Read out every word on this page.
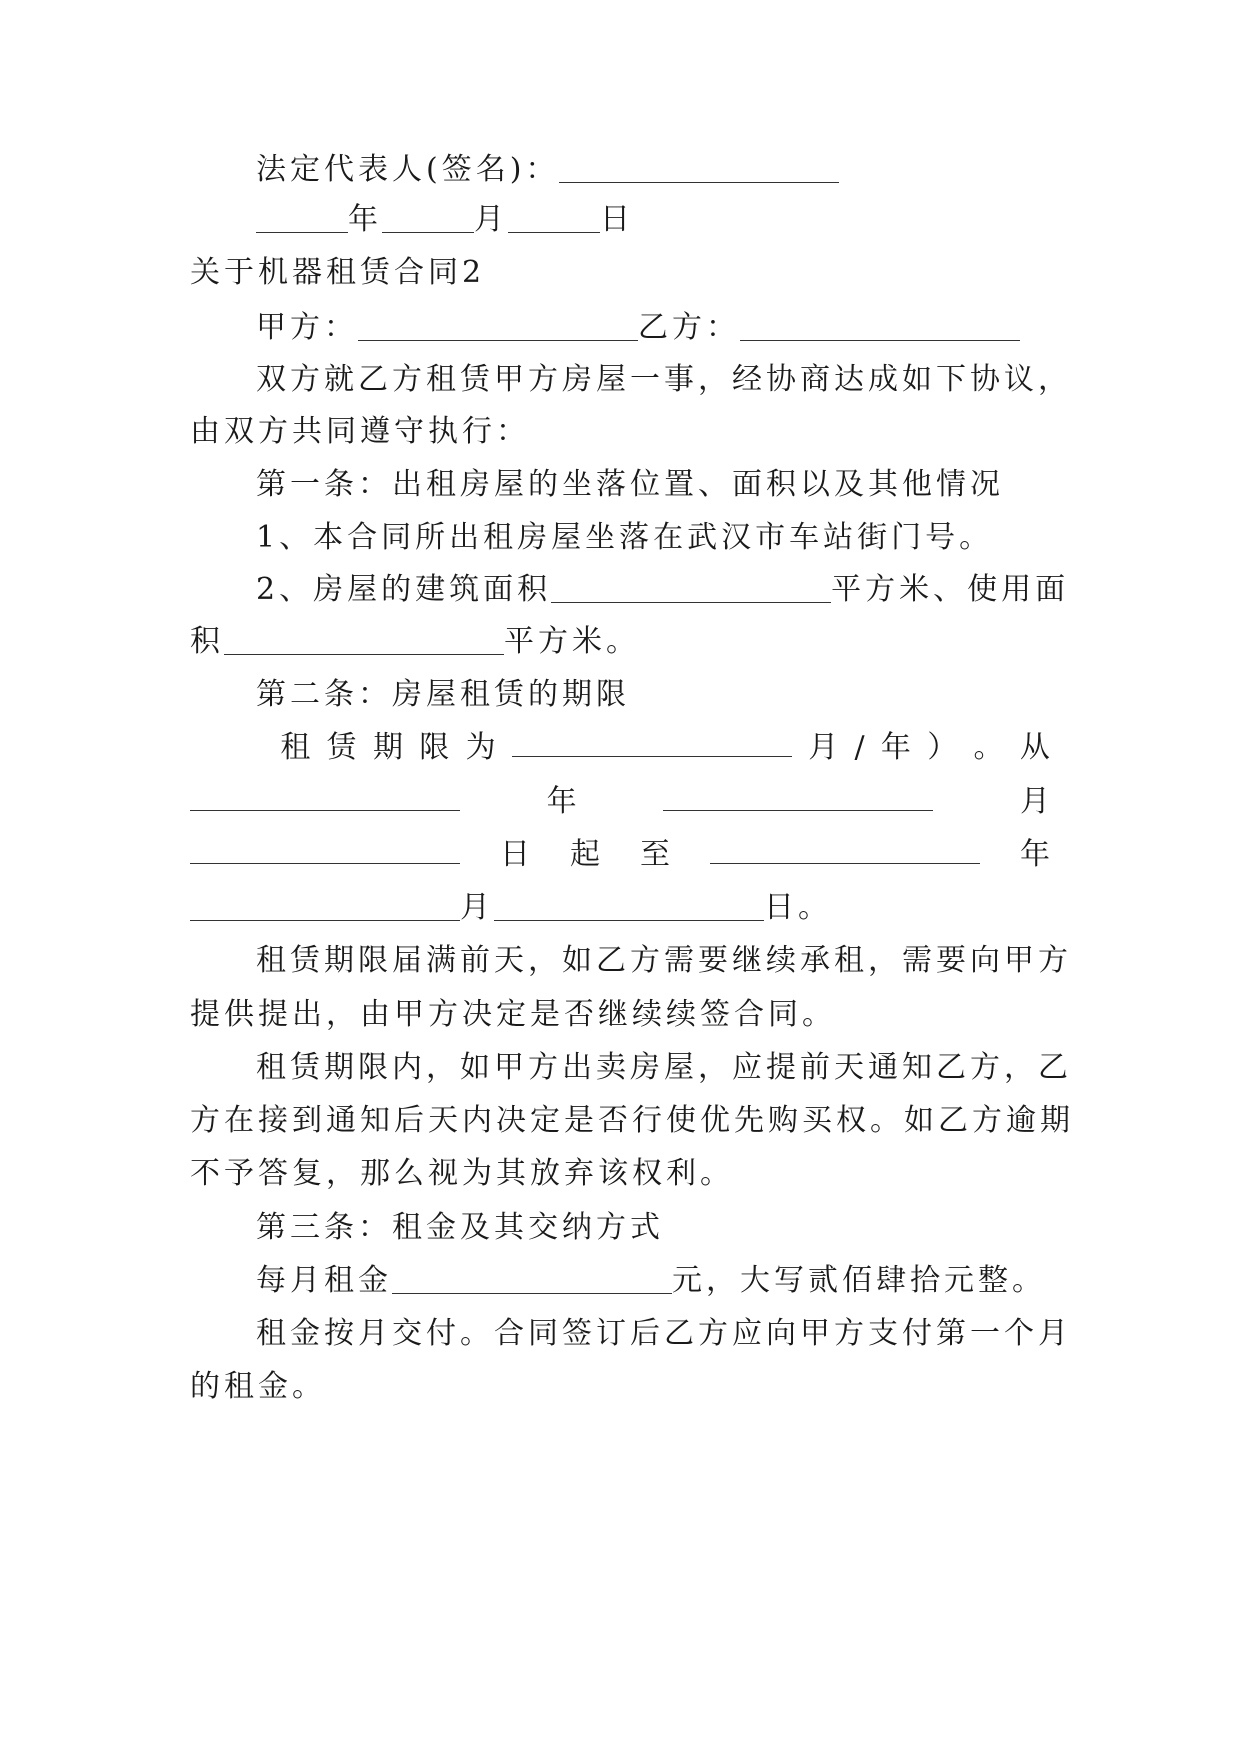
法定代表人(签名)：
年	月	日
关于机器租赁合同2
甲方：	乙方：
双方就乙方租赁甲方房屋一事，经协商达成如下协议，
由双方共同遵守执行：
第一条：出租房屋的坐落位置、面积以及其他情况
1、本合同所出租房屋坐落在武汉市车站街门号。
2、房屋的建筑面积	平方米、使用面
积	平方米。
第二条：房屋租赁的期限
租 赁 期 限 为	月 / 年 ） 。 从
年	月
日 起 至	年
月	日。
租赁期限届满前天，如乙方需要继续承租，需要向甲方
提供提出，由甲方决定是否继续续签合同。
租赁期限内，如甲方出卖房屋，应提前天通知乙方，乙
方在接到通知后天内决定是否行使优先购买权。如乙方逾期
不予答复，那么视为其放弃该权利。
第三条：租金及其交纳方式
每月租金	元，大写贰佰肆拾元整。
租金按月交付。合同签订后乙方应向甲方支付第一个月
的租金。
